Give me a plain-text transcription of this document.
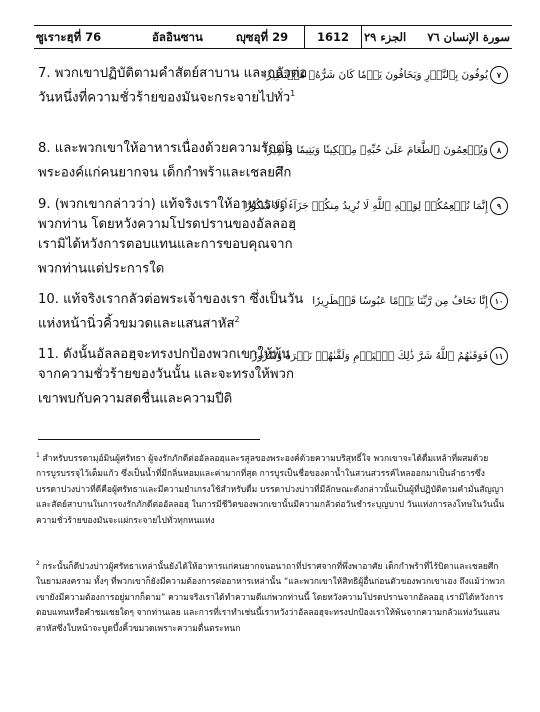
ซูเราะฮฺที่ 76	อัลอินซาน	ญุซอุที่ 29	1612	الجزء ٢٩ سورة الإنسان ٧٦
7. พวกเขาปฏิบัติตามคำสัตย์สาบาน และกลัวต่อวันหนึ่งที่ความชั่วร้ายของมันจะกระจายไปทั่ว$^1$
٧يُوفُونَ بِٱلنَّذۡرِ وَيَخَافُونَ يَوۡمٗا كَانَ شَرُّهُۥ مُسۡتَطِيرٗا
8. และพวกเขาให้อาหารเนื่องด้วยความรักต่อพระองค์แก่คนยากจน เด็กกำพร้าและเชลยศึก
٨وَيُطۡعِمُونَ ٱلطَّعَامَ عَلَىٰ حُبِّهِۦ مِسۡكِينٗا وَيَتِيمٗا وَأَسِيرًا
9. (พวกเขากล่าวว่า) แท้จริงเราให้อาหารแก่พวกท่าน โดยหวังความโปรดปรานของอัลลอฮฺ เรามิได้หวังการตอบแทนและการขอบคุณจากพวกท่านแต่ประการใด
٩إِنَّمَا نُطۡعِمُكُمۡ لِوَجۡهِ ٱللَّهِ لَا نُرِيدُ مِنكُمۡ جَزَآءٗ وَلَا شُكُورًا
10. แท้จริงเรากลัวต่อพระเจ้าของเรา ซึ่งเป็นวันแห่งหน้านิ่วคิ้วขมวดและแสนสาหัส$^2$
١٠إِنَّا نَخَافُ مِن رَّبِّنَا يَوۡمًا عَبُوسٗا قَمۡطَرِيرٗا
11. ดังนั้นอัลลอฮฺจะทรงปกป้องพวกเขาให้พ้นจากความชั่วร้ายของวันนั้น และจะทรงให้พวกเขาพบกับความสดชื่นและความปีติ
١١فَوَقَىٰهُمُ ٱللَّهُ شَرَّ ذَٰلِكَ ٱلۡيَوۡمِ وَلَقَّىٰهُمۡ نَضۡرَةٗ وَسُرُورٗا
$^1$ สำหรับบรรดามุอ์มินผู้ศรัทธา ผู้จงรักภักดีต่ออัลลอฮฺและรสูลของพระองค์ด้วยความบริสุทธิ์ใจ พวกเขาจะได้ดื่มเหล้าที่ผสมด้วยการบูรบรรจุไว้เต็มแก้ว ซึ่งเป็นน้ำที่มีกลิ่นหอมและค่ามากที่สุด การบูรเป็นชื่อของตาน้ำในสวนสวรรค์ไหลออกมาเป็นลำธารซึ่งบรรดาปวงบ่าวที่ดีคือผู้ศรัทธาและมีความยำเกรงใช้สำหรับดื่ม บรรดาปวงบ่าวที่มีลักษณะดังกล่าวนั้นเป็นผู้ที่ปฏิบัติตามคำมั่นสัญญาและสัตย์สาบานในการจงรักภักดีต่ออัลลอฮฺ ในการมีชีวิตของพวกเขานั้นมีความกลัวต่อวันชำระบุญบาป วันแห่งการลงโทษในวันนั้นความชั่วร้ายของมันจะแผ่กระจายไปทั่วทุกหนแห่ง
$^2$ กระนั้นก็ดีปวงบ่าวผู้ศรัทธาเหล่านั้นยังได้ให้อาหารแก่คนยากจนอนาถาที่ปราศจากที่พึ่งพาอาศัย เด็กกำพร้าที่ไร้บิดาและเชลยศึกในยามสงคราม ทั้งๆ ที่พวกเขาก็ยังมีความต้องการต่ออาหารเหล่านั้น “และพวกเขาให้สิทธิผู้อื่นก่อนตัวของพวกเขาเอง ถึงแม้ว่าพวกเขายังมีความต้องการอยู่มากก็ตาม” ความจริงเราได้ทำความดีแก่พวกท่านนี้ โดยหวังความโปรดปรานจากอัลลอฮฺ เรามิได้หวังการตอบแทนหรือคำชมเชยใดๆ จากท่านเลย และการที่เราทำเช่นนี้เราหวังว่าอัลลอฮฺจะทรงปกป้องเราให้พ้นจากความกลัวแห่งวันแสนสาหัสซึ่งใบหน้าจะบูดบึ้งคิ้วขมวดเพราะความตื่นตระหนก
